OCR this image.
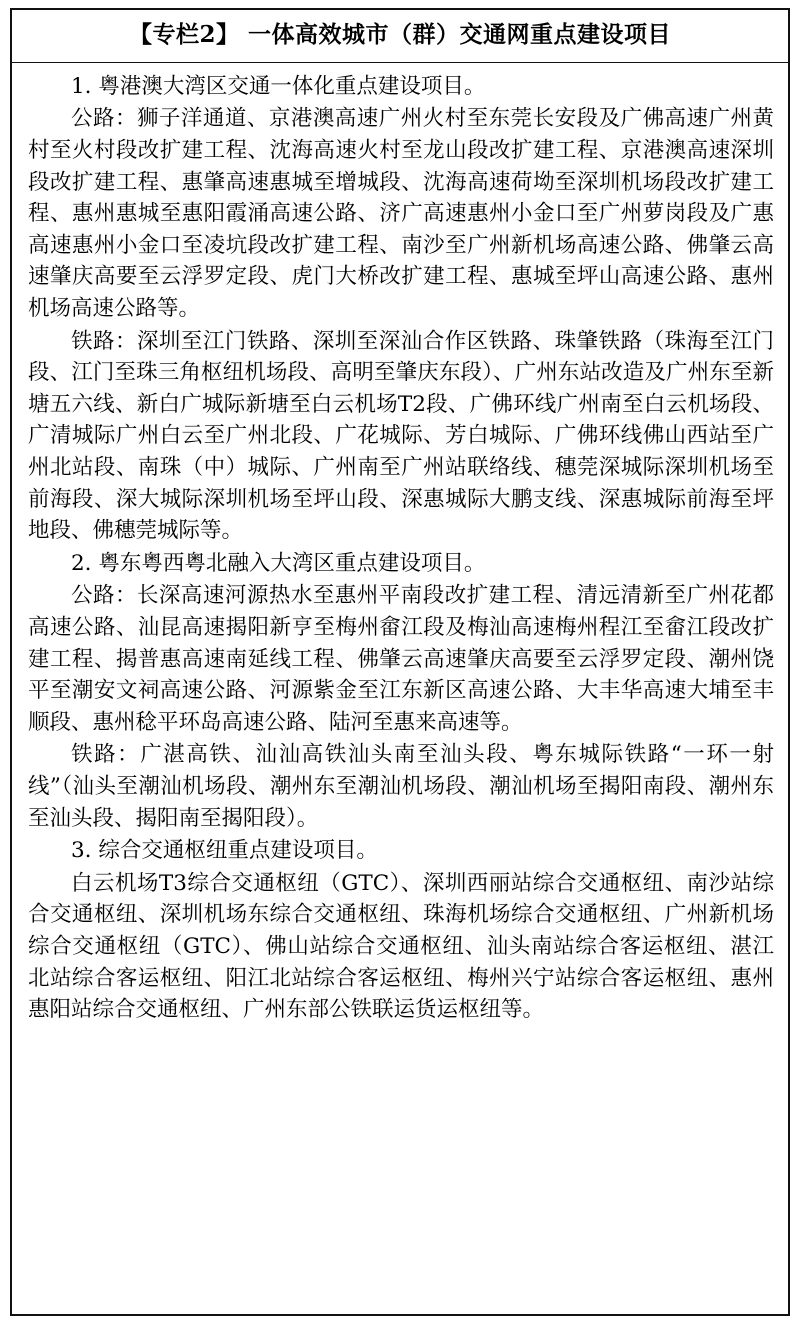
【专栏2】 一体高效城市（群）交通网重点建设项目

1. 粤港澳大湾区交通一体化重点建设项目。

公路：狮子洋通道、京港澳高速广州火村至东莞长安段及广佛高速广州黄村至火村段改扩建工程、沈海高速火村至龙山段改扩建工程、京港澳高速深圳段改扩建工程、惠肇高速惠城至增城段、沈海高速荷坳至深圳机场段改扩建工程、惠州惠城至惠阳霞涌高速公路、济广高速惠州小金口至广州萝岗段及广惠高速惠州小金口至凌坑段改扩建工程、南沙至广州新机场高速公路、佛肇云高速肇庆高要至云浮罗定段、虎门大桥改扩建工程、惠城至坪山高速公路、惠州机场高速公路等。

铁路：深圳至江门铁路、深圳至深汕合作区铁路、珠肇铁路（珠海至江门段、江门至珠三角枢纽机场段、高明至肇庆东段）、广州东站改造及广州东至新塘五六线、新白广城际新塘至白云机场T2段、广佛环线广州南至白云机场段、广清城际广州白云至广州北段、广花城际、芳白城际、广佛环线佛山西站至广州北站段、南珠（中）城际、广州南至广州站联络线、穗莞深城际深圳机场至前海段、深大城际深圳机场至坪山段、深惠城际大鹏支线、深惠城际前海至坪地段、佛穗莞城际等。

2. 粤东粤西粤北融入大湾区重点建设项目。

公路：长深高速河源热水至惠州平南段改扩建工程、清远清新至广州花都高速公路、汕昆高速揭阳新亨至梅州畲江段及梅汕高速梅州程江至畲江段改扩建工程、揭普惠高速南延线工程、佛肇云高速肇庆高要至云浮罗定段、潮州饶平至潮安文祠高速公路、河源紫金至江东新区高速公路、大丰华高速大埔至丰顺段、惠州稔平环岛高速公路、陆河至惠来高速等。

铁路：广湛高铁、汕汕高铁汕头南至汕头段、粤东城际铁路“一环一射线”（汕头至潮汕机场段、潮州东至潮汕机场段、潮汕机场至揭阳南段、潮州东至汕头段、揭阳南至揭阳段）。

3. 综合交通枢纽重点建设项目。

白云机场T3综合交通枢纽（GTC）、深圳西丽站综合交通枢纽、南沙站综合交通枢纽、深圳机场东综合交通枢纽、珠海机场综合交通枢纽、广州新机场综合交通枢纽（GTC）、佛山站综合交通枢纽、汕头南站综合客运枢纽、湛江北站综合客运枢纽、阳江北站综合客运枢纽、梅州兴宁站综合客运枢纽、惠州惠阳站综合交通枢纽、广州东部公铁联运货运枢纽等。
